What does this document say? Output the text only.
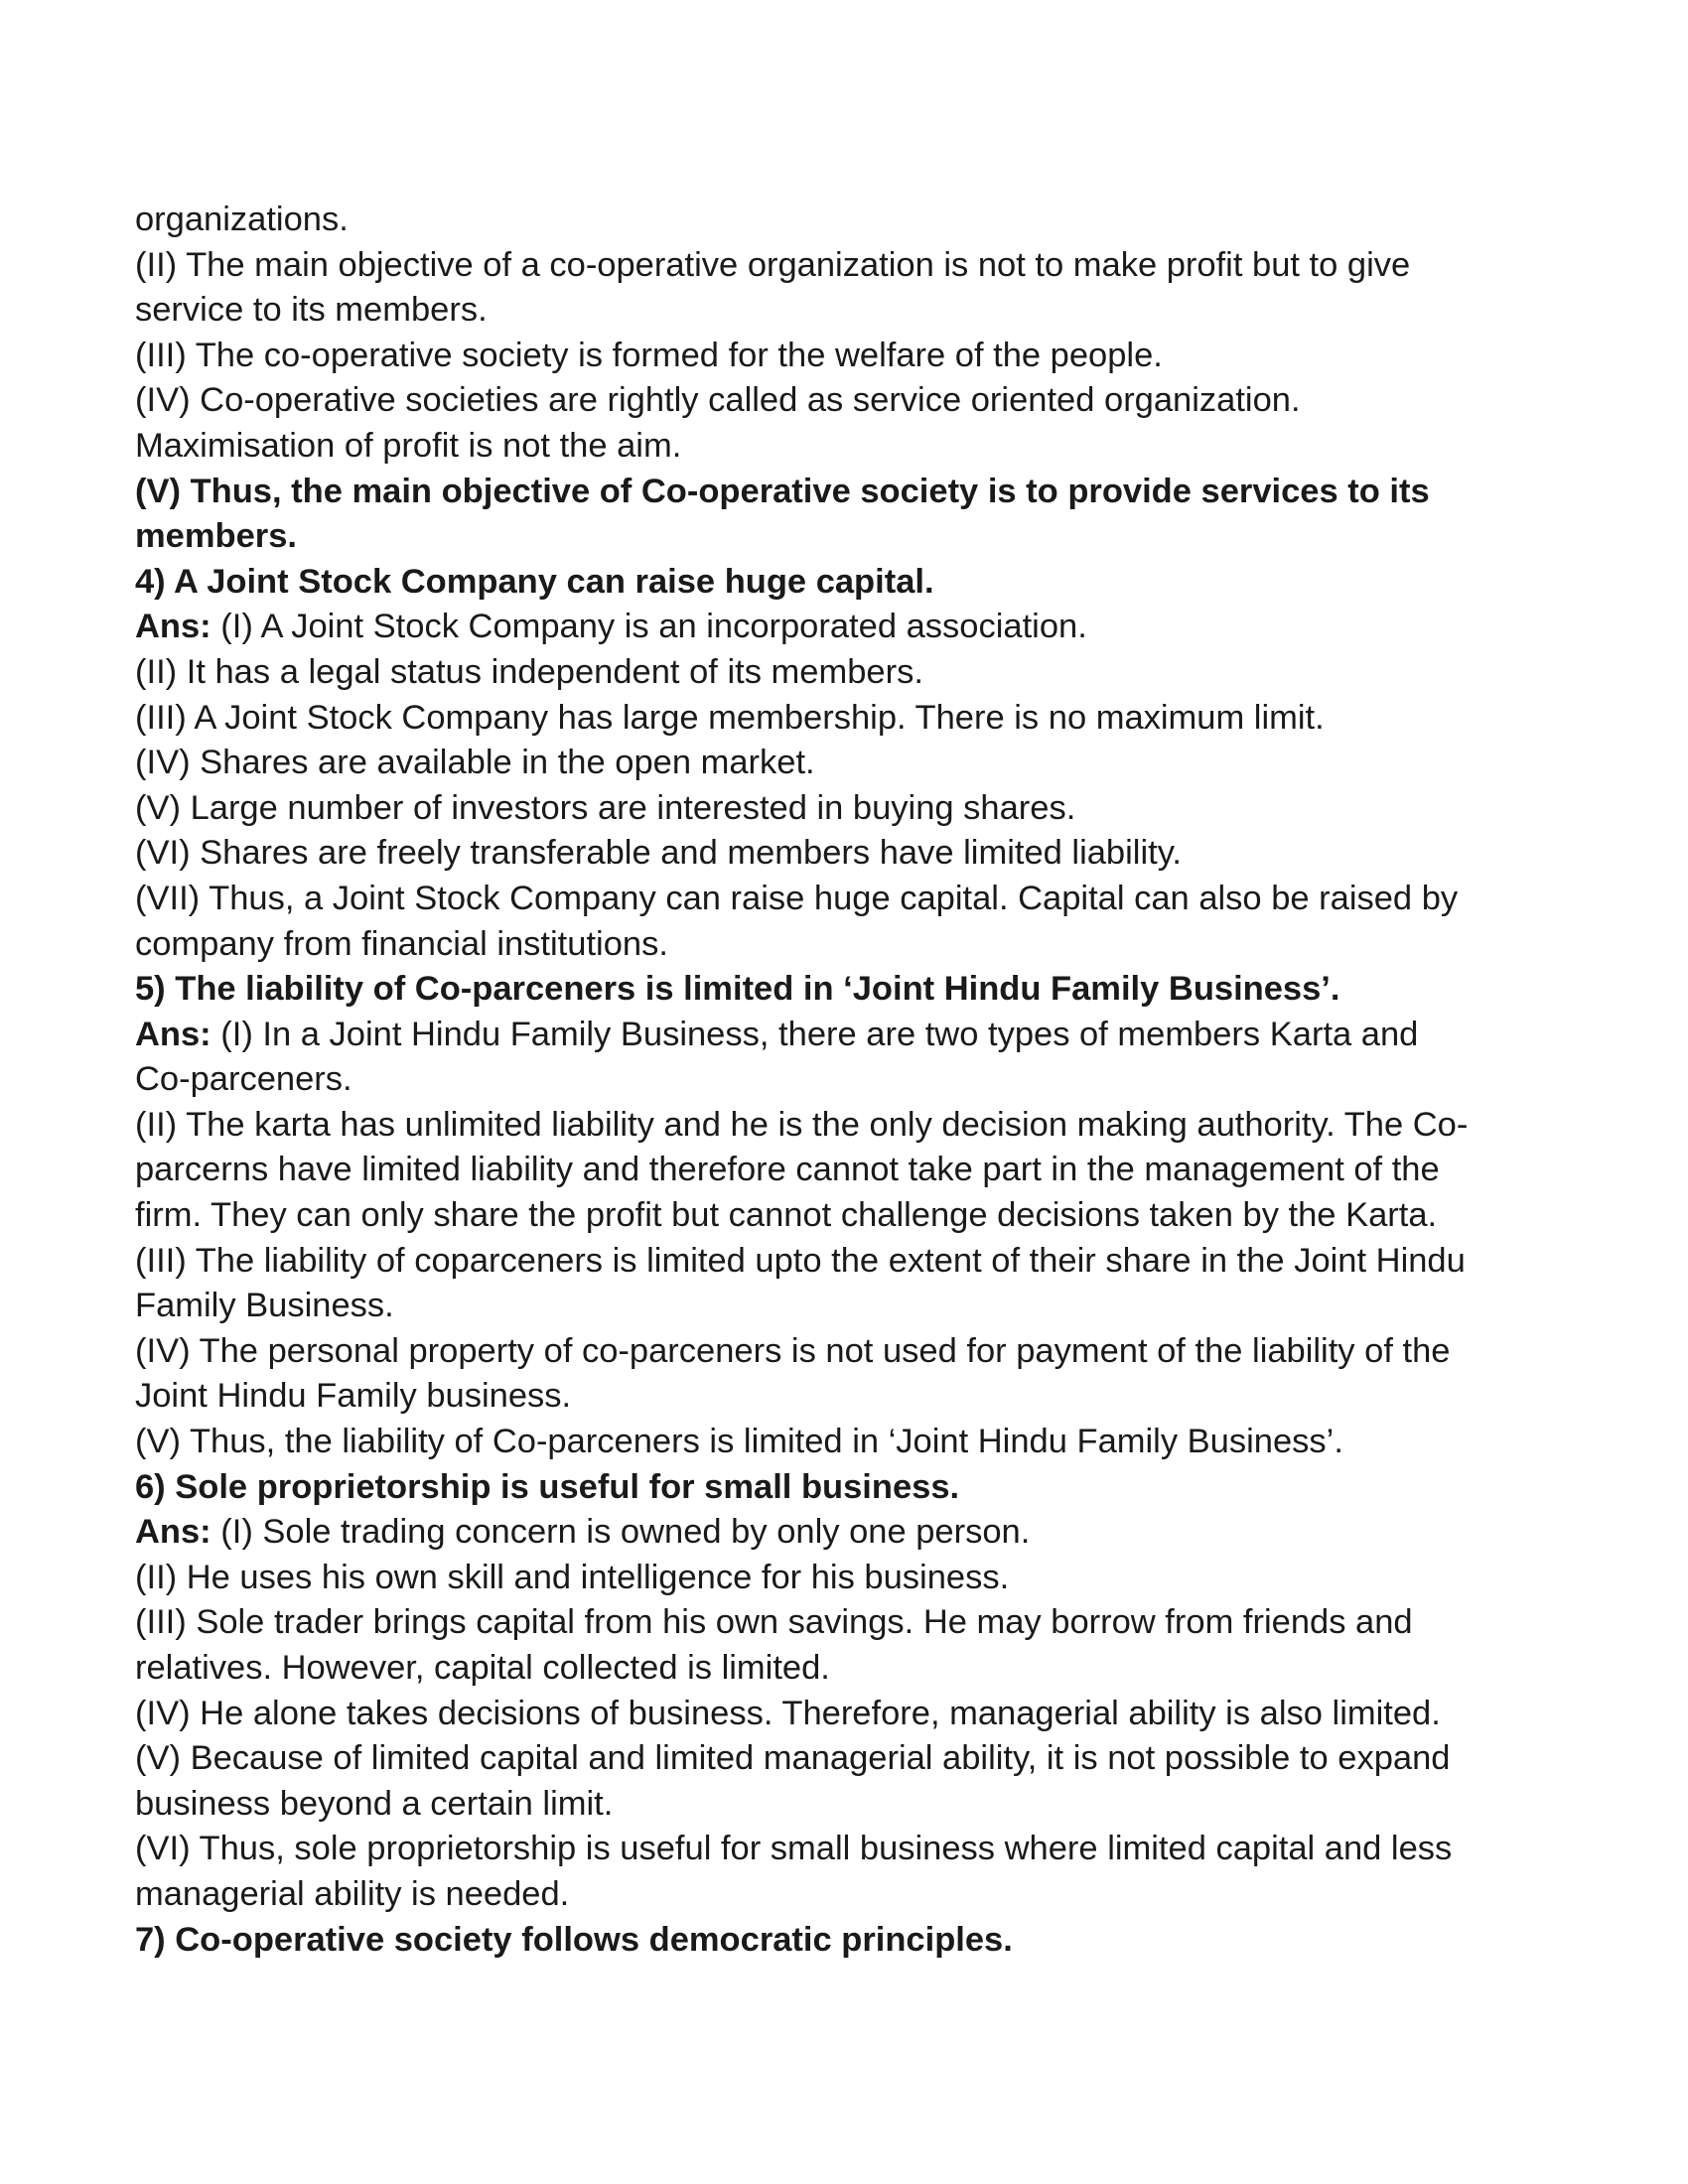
organizations.
(II) The main objective of a co-operative organization is not to make profit but to give
service to its members.
(III) The co-operative society is formed for the welfare of the people.
(IV) Co-operative societies are rightly called as service oriented organization.
Maximisation of profit is not the aim.
(V) Thus, the main objective of Co-operative society is to provide services to its
members.
4) A Joint Stock Company can raise huge capital.
Ans: (I) A Joint Stock Company is an incorporated association.
(II) It has a legal status independent of its members.
(III) A Joint Stock Company has large membership. There is no maximum limit.
(IV) Shares are available in the open market.
(V) Large number of investors are interested in buying shares.
(VI) Shares are freely transferable and members have limited liability.
(VII) Thus, a Joint Stock Company can raise huge capital. Capital can also be raised by
company from financial institutions.
5) The liability of Co-parceners is limited in ‘Joint Hindu Family Business’.
Ans: (I) In a Joint Hindu Family Business, there are two types of members Karta and
Co-parceners.
(II) The karta has unlimited liability and he is the only decision making authority. The Co-
parcerns have limited liability and therefore cannot take part in the management of the
firm. They can only share the profit but cannot challenge decisions taken by the Karta.
(III) The liability of coparceners is limited upto the extent of their share in the Joint Hindu
Family Business.
(IV) The personal property of co-parceners is not used for payment of the liability of the
Joint Hindu Family business.
(V) Thus, the liability of Co-parceners is limited in ‘Joint Hindu Family Business’.
6) Sole proprietorship is useful for small business.
Ans: (I) Sole trading concern is owned by only one person.
(II) He uses his own skill and intelligence for his business.
(III) Sole trader brings capital from his own savings. He may borrow from friends and
relatives. However, capital collected is limited.
(IV) He alone takes decisions of business. Therefore, managerial ability is also limited.
(V) Because of limited capital and limited managerial ability, it is not possible to expand
business beyond a certain limit.
(VI) Thus, sole proprietorship is useful for small business where limited capital and less
managerial ability is needed.
7) Co-operative society follows democratic principles.
